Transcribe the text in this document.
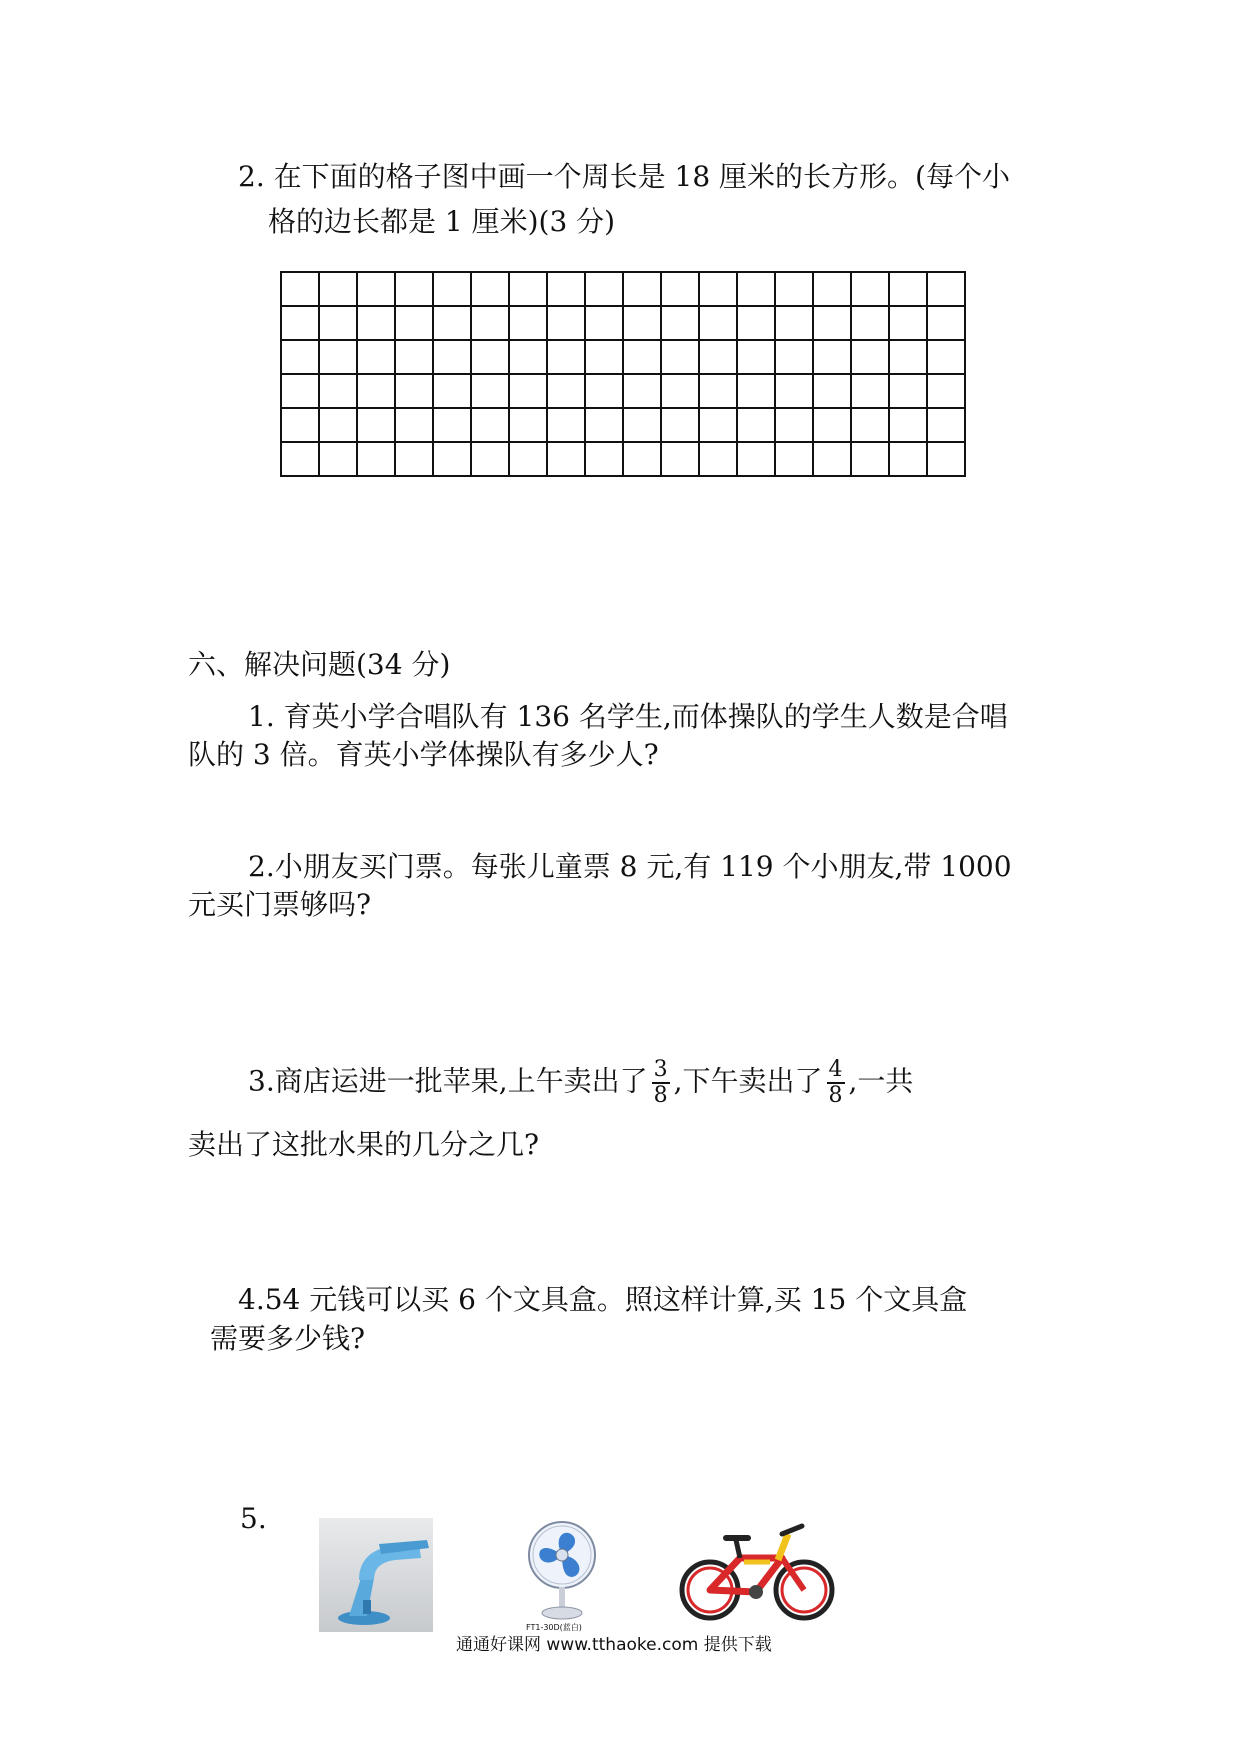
2. 在下面的格子图中画一个周长是 18 厘米的长方形。(每个小
格的边长都是 1 厘米)(3 分)
六、解决问题(34 分)
1. 育英小学合唱队有 136 名学生,而体操队的学生人数是合唱
队的 3 倍。育英小学体操队有多少人?
2.小朋友买门票。每张儿童票 8 元,有 119 个小朋友,带 1000
元买门票够吗?
3.商店运进一批苹果,上午卖出了 $\frac{3}{8}$ ,下午卖出了 $\frac{4}{8}$ ,一共
卖出了这批水果的几分之几?
4.54 元钱可以买 6 个文具盒。照这样计算,买 15 个文具盒
需要多少钱?
5.
FT1-30D(蓝白)
通通好课网 www.tthaoke.com 提供下载
